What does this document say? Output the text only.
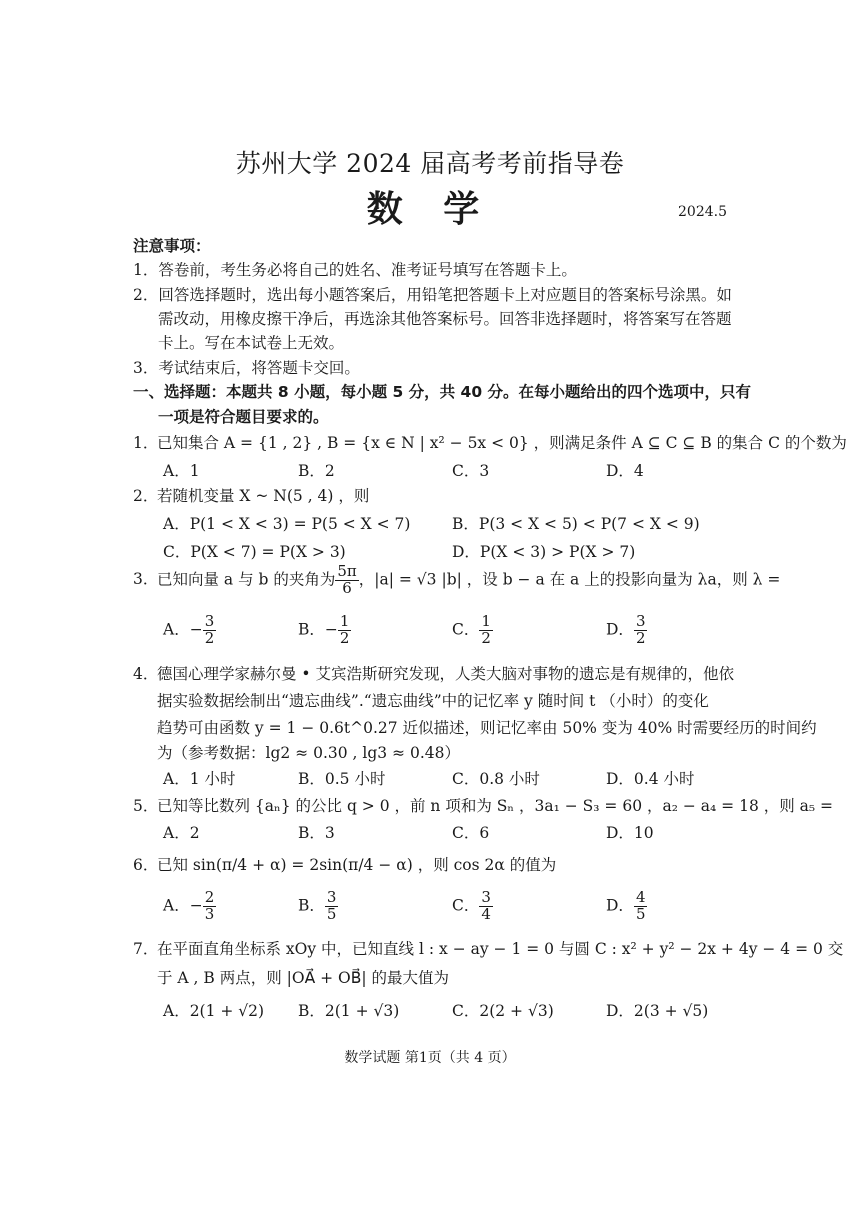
苏州大学 2024 届高考考前指导卷
数 学	2024.5
注意事项：
1．答卷前，考生务必将自己的姓名、准考证号填写在答题卡上。
2．回答选择题时，选出每小题答案后，用铅笔把答题卡上对应题目的答案标号涂黑。如
需改动，用橡皮擦干净后，再选涂其他答案标号。回答非选择题时，将答案写在答题
卡上。写在本试卷上无效。
3．考试结束后，将答题卡交回。
一、选择题：本题共 8 小题，每小题 5 分，共 40 分。在每小题给出的四个选项中，只有
一项是符合题目要求的。
1．已知集合 A = {1 , 2} , B = {x ∈ N | x² − 5x < 0} ，则满足条件 A ⊆ C ⊆ B 的集合 C 的个数为
A．1	B．2	C．3	D．4
2．若随机变量 X ~ N(5 , 4) ，则
A．P(1 < X < 3) = P(5 < X < 7)	B．P(3 < X < 5) < P(7 < X < 9)
C．P(X < 7) = P(X > 3)	D．P(X < 3) > P(X > 7)
3．已知向量 a 与 b 的夹角为 $\frac{5\pi}{6}$ ，|a| = √3 |b| ，设 b − a 在 a 上的投影向量为 λa，则 λ =
A．− $\frac{3}{2}$	B．− $\frac{1}{2}$	C． $\frac{1}{2}$	D． $\frac{3}{2}$
4．德国心理学家赫尔曼 • 艾宾浩斯研究发现，人类大脑对事物的遗忘是有规律的，他依
据实验数据绘制出“遗忘曲线”.“遗忘曲线”中的记忆率 y 随时间 t （小时）的变化
趋势可由函数 y = 1 − 0.6t^0.27 近似描述，则记忆率由 50% 变为 40% 时需要经历的时间约
为（参考数据：lg2 ≈ 0.30 , lg3 ≈ 0.48）
A．1 小时	B．0.5 小时	C．0.8 小时	D．0.4 小时
5．已知等比数列 {aₙ} 的公比 q > 0 ，前 n 项和为 Sₙ ，3a₁ − S₃ = 60 ，a₂ − a₄ = 18 ，则 a₅ =
A．2	B．3	C．6	D．10
6．已知 sin(π/4 + α) = 2sin(π/4 − α) ，则 cos 2α 的值为
A．− $\frac{2}{3}$	B． $\frac{3}{5}$	C． $\frac{3}{4}$	D． $\frac{4}{5}$
7．在平面直角坐标系 xOy 中，已知直线 l : x − ay − 1 = 0 与圆 C : x² + y² − 2x + 4y − 4 = 0 交
于 A , B 两点，则 |OA⃗ + OB⃗| 的最大值为
A．2(1 + √2) B．2(1 + √3)	C．2(2 + √3)	D．2(3 + √5)
数学试题 第1页（共 4 页）
